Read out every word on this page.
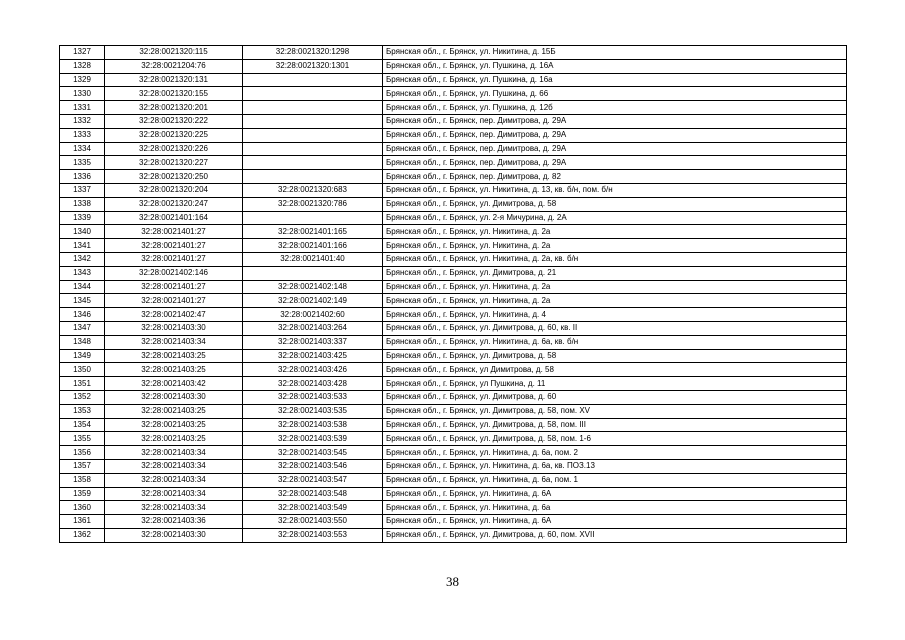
1327	32:28:0021320:115	32:28:0021320:1298	Брянская обл., г. Брянск, ул. Никитина, д. 15Б
1328	32:28:0021204:76	32:28:0021320:1301	Брянская обл., г. Брянск, ул. Пушкина, д. 16А
1329	32:28:0021320:131		Брянская обл., г. Брянск, ул. Пушкина, д. 16а
1330	32:28:0021320:155		Брянская обл., г. Брянск, ул. Пушкина, д. 66
1331	32:28:0021320:201		Брянская обл., г. Брянск, ул. Пушкина, д. 12б
1332	32:28:0021320:222		Брянская обл., г. Брянск, пер. Димитрова, д. 29А
1333	32:28:0021320:225		Брянская обл., г. Брянск, пер. Димитрова, д. 29А
1334	32:28:0021320:226		Брянская обл., г. Брянск, пер. Димитрова, д. 29А
1335	32:28:0021320:227		Брянская обл., г. Брянск, пер. Димитрова, д. 29А
1336	32:28:0021320:250		Брянская обл., г. Брянск, пер. Димитрова, д. 82
1337	32:28:0021320:204	32:28:0021320:683	Брянская обл., г. Брянск, ул. Никитина, д. 13, кв. б/н, пом. б/н
1338	32:28:0021320:247	32:28:0021320:786	Брянская обл., г. Брянск, ул. Димитрова, д. 58
1339	32:28:0021401:164		Брянская обл., г. Брянск, ул. 2-я Мичурина, д. 2А
1340	32:28:0021401:27	32:28:0021401:165	Брянская обл., г. Брянск, ул. Никитина, д. 2а
1341	32:28:0021401:27	32:28:0021401:166	Брянская обл., г. Брянск, ул. Никитина, д. 2а
1342	32:28:0021401:27	32:28:0021401:40	Брянская обл., г. Брянск, ул. Никитина, д. 2а, кв. б/н
1343	32:28:0021402:146		Брянская обл., г. Брянск, ул. Димитрова, д. 21
1344	32:28:0021401:27	32:28:0021402:148	Брянская обл., г. Брянск, ул. Никитина, д. 2а
1345	32:28:0021401:27	32:28:0021402:149	Брянская обл., г. Брянск, ул. Никитина, д. 2а
1346	32:28:0021402:47	32:28:0021402:60	Брянская обл., г. Брянск, ул. Никитина, д. 4
1347	32:28:0021403:30	32:28:0021403:264	Брянская обл., г. Брянск, ул. Димитрова, д. 60, кв. II
1348	32:28:0021403:34	32:28:0021403:337	Брянская обл., г. Брянск, ул. Никитина, д. 6а, кв. б/н
1349	32:28:0021403:25	32:28:0021403:425	Брянская обл., г. Брянск, ул. Димитрова, д. 58
1350	32:28:0021403:25	32:28:0021403:426	Брянская обл., г. Брянск, ул Димитрова, д. 58
1351	32:28:0021403:42	32:28:0021403:428	Брянская обл., г. Брянск, ул Пушкина, д. 11
1352	32:28:0021403:30	32:28:0021403:533	Брянская обл., г. Брянск, ул. Димитрова, д. 60
1353	32:28:0021403:25	32:28:0021403:535	Брянская обл., г. Брянск, ул. Димитрова, д. 58, пом. XV
1354	32:28:0021403:25	32:28:0021403:538	Брянская обл., г. Брянск, ул. Димитрова, д. 58, пом. III
1355	32:28:0021403:25	32:28:0021403:539	Брянская обл., г. Брянск, ул. Димитрова, д. 58, пом. 1-6
1356	32:28:0021403:34	32:28:0021403:545	Брянская обл., г. Брянск, ул. Никитина, д. 6а, пом. 2
1357	32:28:0021403:34	32:28:0021403:546	Брянская обл., г. Брянск, ул. Никитина, д. 6а, кв. ПОЗ.13
1358	32:28:0021403:34	32:28:0021403:547	Брянская обл., г. Брянск, ул. Никитина, д. 6а, пом. 1
1359	32:28:0021403:34	32:28:0021403:548	Брянская обл., г. Брянск, ул. Никитина, д. 6А
1360	32:28:0021403:34	32:28:0021403:549	Брянская обл., г. Брянск, ул. Никитина, д. 6а
1361	32:28:0021403:36	32:28:0021403:550	Брянская обл., г. Брянск, ул. Никитина, д. 6А
1362	32:28:0021403:30	32:28:0021403:553	Брянская обл., г. Брянск, ул. Димитрова, д. 60, пом. XVII
38
